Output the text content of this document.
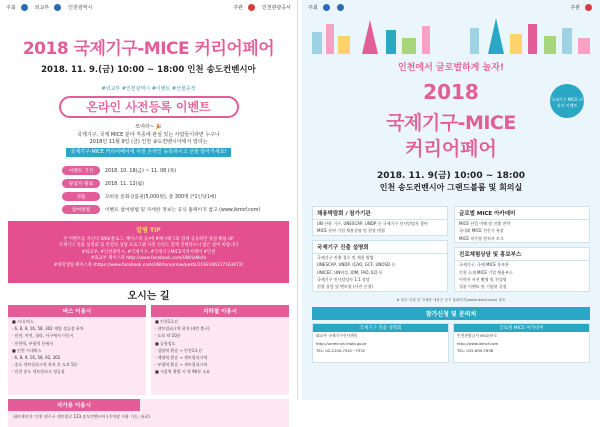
주최	외교부	인천광역시	주관	인천관광공사
2018 국제기구-MICE 커리어페어
2018. 11. 9.(금) 10:00 ~ 18:00 인천 송도컨벤시아
#외교부 #인천광역시 #이벤트 #선물증정
온라인 사전등록 이벤트
모여라~ 🎉
국제기구, 국제 MICE 분야 직종에 관심 있는 사람들이라면 누구나
2018년 11월 9일 (금) 인천 송도컨벤시아에서 열리는
국제기구-MICE 커리어페어에 사전 온라인 등록하시고 선물 받아가세요!
이벤트 기간	2018. 10. 18(금) ~ 11. 08 (목)
당첨자 발표	2018. 11. 12(월)
경품	모바일 문화상품권(5,000원), 총 300명 (*1인당1매)
참여방법	이벤트 참여방법 및 자세한 정보는 공식 홈페이지 참고 (www.ikmcf.com)
알림 TIP
본 이벤트를 자신의 SNS(블로그, 페이스북 등)에 #해시태그와 함께 공유하면 당첨 확률 UP
국제기구 진출 설명회 및 컨설팅 상담 프로그램 사전 신청도 함께 진행하오니 많은 참여 바랍니다
#외교부, #인천광역시, #국제기구, #국제기구MICE커리어페어 #인천
#외교부 페이스북 http://www.facebook.com/UNViaMofa
#대학생팁 페이스북 (https://www.facebook.com/UNVtomorrow/posts/2192306117163072)
오시는 길
버스 이용시
■ 시내 버스
· 6, 8, 9, 16, 58, 302 계열 정류장 하차
· 인천, 마전, 청라, 서구에서 이동시
· 인천역, 부평역 등에서
■ 인천 시내버스
· 6, 8, 9, 16, 58, 92, 302
· 송도 센트럴파크역 하차 후 도보 5분
· 인천 송도 센트럴파크 정류장
지하철 이용시
■ 인천1호선
· 센트럴파크역 하차 (4번 출구)
· 도보 약 10분
■ 공항철도
· 검암역 환승 → 인천1호선
· 계양역 환승 → 센트럴파크역
· 부평역 환승 → 센트럴파크역
■ 서울역 출발 시 약 90분 소요
자가용 이용시
네비게이션: 인천 연수구 센트럴로 123 송도컨벤시아 (주차장 이용 가능, 유료)
주최	주관
인천에서 글로벌하게 놀자!
2018
국제기구-MICE
커리어페어
국제기구 MICE 커리어 이벤트
2018. 11. 9(금) 10:00 ~ 18:00
인천 송도컨벤시아 그랜드볼룸 및 회의실
채용박람회 / 참가기관
UN 산하 기구, UNESCAP, UNDP 등 국제기구 인사담당자 참여
MICE 분야 기업 채용설명 및 현장 면접
국제기구 진출 설명회
국제기구 진출 경로 및 채용 방법
UNESCAP, UNDP, ICAO, GCF, UNOSD 등
UNICEF, UN여성, IOM, FAO, ILO 등
국제기구 인사담당자 1:1 상담
현장 상담 및 멘토링 (사전 신청)
글로벌 MICE 아카데미
MICE 산업 이해 및 진출 전략
국내외 MICE 전문가 특강
MICE 직무별 현직자 토크
진로체험상담 및 홍보부스
국제기구, 국제 MICE 홍보관
인천 소재 MICE 기업 채용부스
이력서 사진 촬영 및 컨설팅
경품 이벤트 및 기념품 증정
※ 참가 신청 및 자세한 내용은 공식 홈페이지(www.ikmcf.com) 참조
참가신청 및 문의처
국제기구 진출 설명회
외교부 국제기구인사센터
http://unrecruit.mofa.go.kr
TEL: 02-2100-7541~7532
글로벌 MICE 아카데미
인천관광공사 MICE뷰로
http://www.ikmcf.com
TEL: 032-899-7636
